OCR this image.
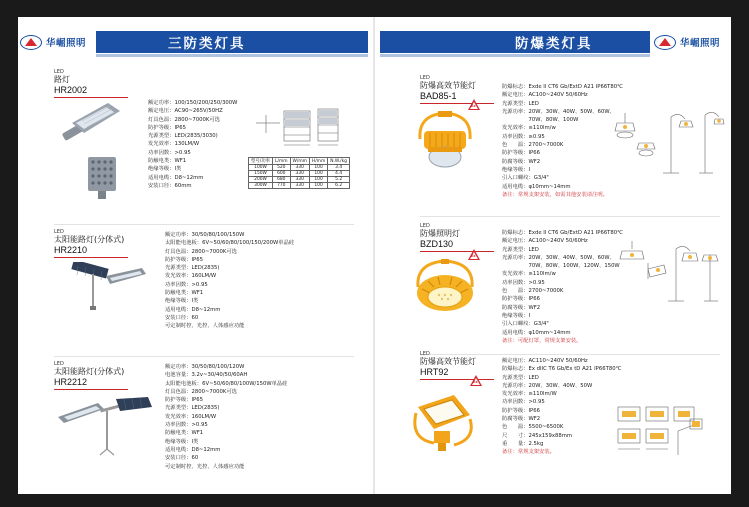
华崛照明	三防类灯具
LED
路灯
HR2002
额定功率：100/150/200/250/300W
额定电压：AC90~265V/50HZ
灯具色温：2800~7000K可选
防护等级：IP65
光源类型：LED(2835/3030)
发光效率：130LM/W
功率因数：>0.95
防触电类：WF1
绝缘等级：I类
适用电缆：D8~12mm
安装口径：60mm
型号/功率	L/mm	W/mm	H/mm	N.W./kg
100W	520	330	100	3.4
150W	600	330	100	4.4
200W	680	330	100	5.2
300W	770	330	100	6.2
LED
太阳能路灯(分体式)
HR2210
额定功率：30/50/80/100/150W
太阳能电池板：6V~50/60/80/100/150/200W单晶硅
灯具色温：2800~7000K可选
防护等级：IP65
光源类型：LED(2835)
发光效率：160LM/W
功率因数：>0.95
防触电类：WF1
绝缘等级：I类
适用电缆：D8~12mm
安装口径：60
可定制时控、光控、人体感应功能
LED
太阳能路灯(分体式)
HR2212
额定功率：30/50/80/100/120W
电池容量：3.2v~30/40/50/60AH
太阳能电池板：6V~50/60/80/100W/150W单晶硅
灯具色温：2800~7000K可选
防护等级：IP65
光源类型：LED(2835)
发光效率：160LM/W
功率因数：>0.95
防触电类：WF1
绝缘等级：I类
适用电缆：D8~12mm
安装口径：60
可定制时控、光控、人体感应功能
华崛照明
防爆类灯具
LED
防爆高效节能灯
BAD85-1
Ex
防爆标志：Exde II CT6 Gb/ExtD A21 IP66T80℃
额定电压：AC100~240V 50/60Hz
光源类型：LED
光源功率：20W、30W、40W、50W、60W、
　　　　　70W、80W、100W
发光效率：≥110lm/w
功率因数：≥0.95
色　　温：2700~7000K
防护等级：IP66
防腐等级：WF2
绝缘等级：I
引入口螺纹：G3/4"
适用电缆：φ10mm~14mm
备注：常规支架安装，如需其他安装请注明。
LED
防爆照明灯
BZD130
Ex
防爆标志：Exde II CT6 Gb/ExtD A21 IP66T80℃
额定电压：AC100~240V 50/60Hz
光源类型：LED
光源功率：20W、30W、40W、50W、60W、
　　　　　70W、80W、100W、120W、150W
发光效率：≥110lm/w
功率因数：>0.95
色　　温：2700~7000K
防护等级：IP66
防腐等级：WF2
绝缘等级：I
引入口螺纹：G3/4"
适用电缆：φ10mm~14mm
备注：可配灯罩，常规支架安装。
LED
防爆高效节能灯
HRT92
Ex
额定电压：AC110~240V 50/60Hz
防爆标志：Ex dIIC T6 Gb/Ex tD A21 IP66T80℃
光源类型：LED
光源功率：20W、30W、40W、50W
发光效率：≥110lm/W
功率因数：>0.95
防护等级：IP66
防腐等级：WF2
色　　温：5500~6500K
尺　　寸：245x159x88mm
重　　量：2.5kg
备注：常规支架安装。
